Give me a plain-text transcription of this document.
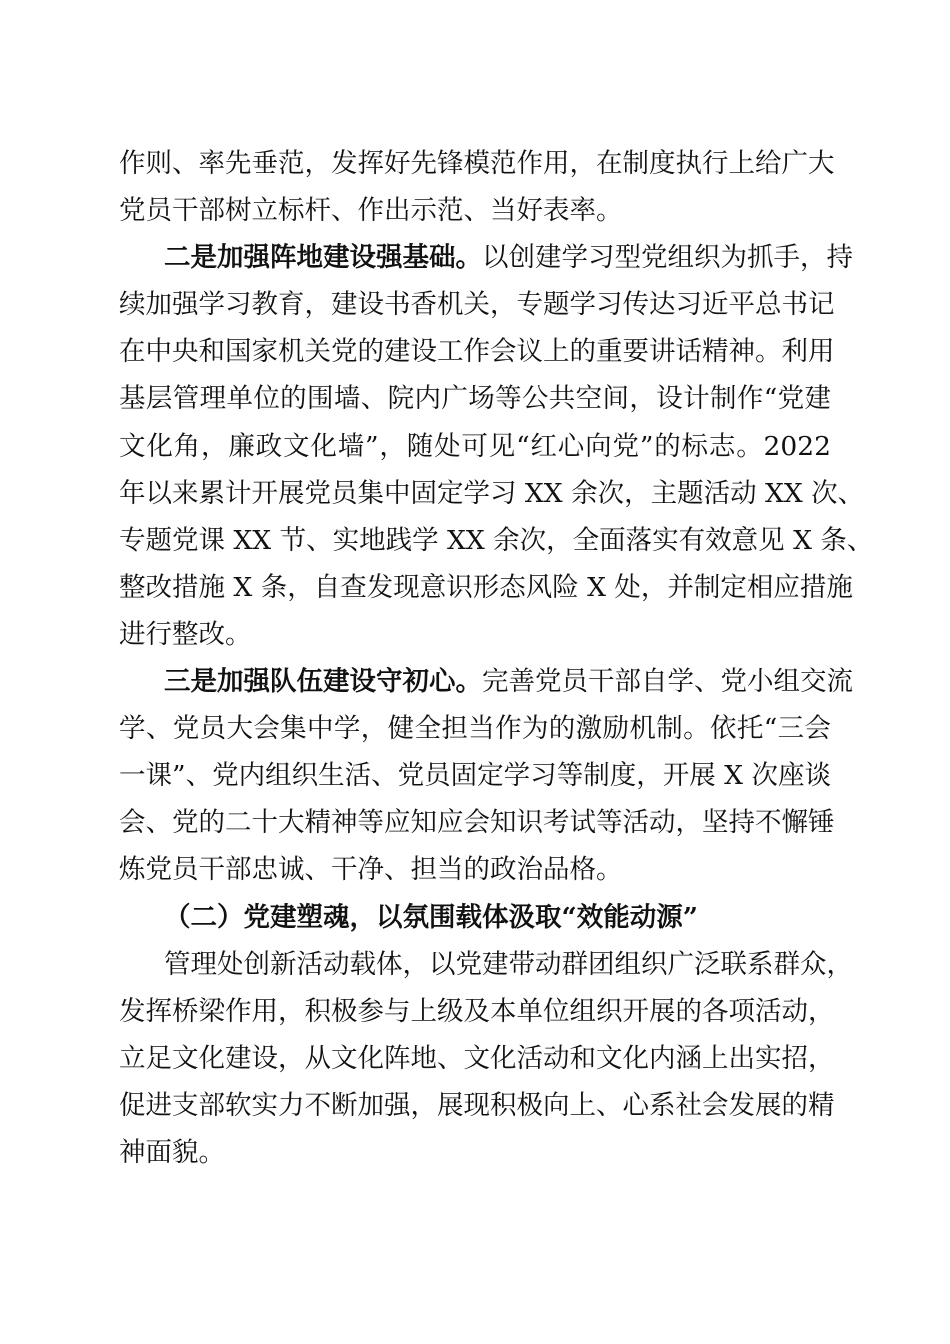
作则、率先垂范，发挥好先锋模范作用，在制度执行上给广大
党员干部树立标杆、作出示范、当好表率。
二是加强阵地建设强基础。以创建学习型党组织为抓手，持
续加强学习教育，建设书香机关，专题学习传达习近平总书记
在中央和国家机关党的建设工作会议上的重要讲话精神。利用
基层管理单位的围墙、院内广场等公共空间，设计制作“党建
文化角，廉政文化墙”，随处可见“红心向党”的标志。2022
年以来累计开展党员集中固定学习 XX 余次，主题活动 XX 次、
专题党课 XX 节、实地践学 XX 余次，全面落实有效意见 X 条、
整改措施 X 条，自查发现意识形态风险 X 处，并制定相应措施
进行整改。
三是加强队伍建设守初心。完善党员干部自学、党小组交流
学、党员大会集中学，健全担当作为的激励机制。依托“三会
一课”、党内组织生活、党员固定学习等制度，开展 X 次座谈
会、党的二十大精神等应知应会知识考试等活动，坚持不懈锤
炼党员干部忠诚、干净、担当的政治品格。
（二）党建塑魂，以氛围载体汲取“效能动源”
管理处创新活动载体，以党建带动群团组织广泛联系群众，
发挥桥梁作用，积极参与上级及本单位组织开展的各项活动，
立足文化建设，从文化阵地、文化活动和文化内涵上出实招，
促进支部软实力不断加强，展现积极向上、心系社会发展的精
神面貌。
